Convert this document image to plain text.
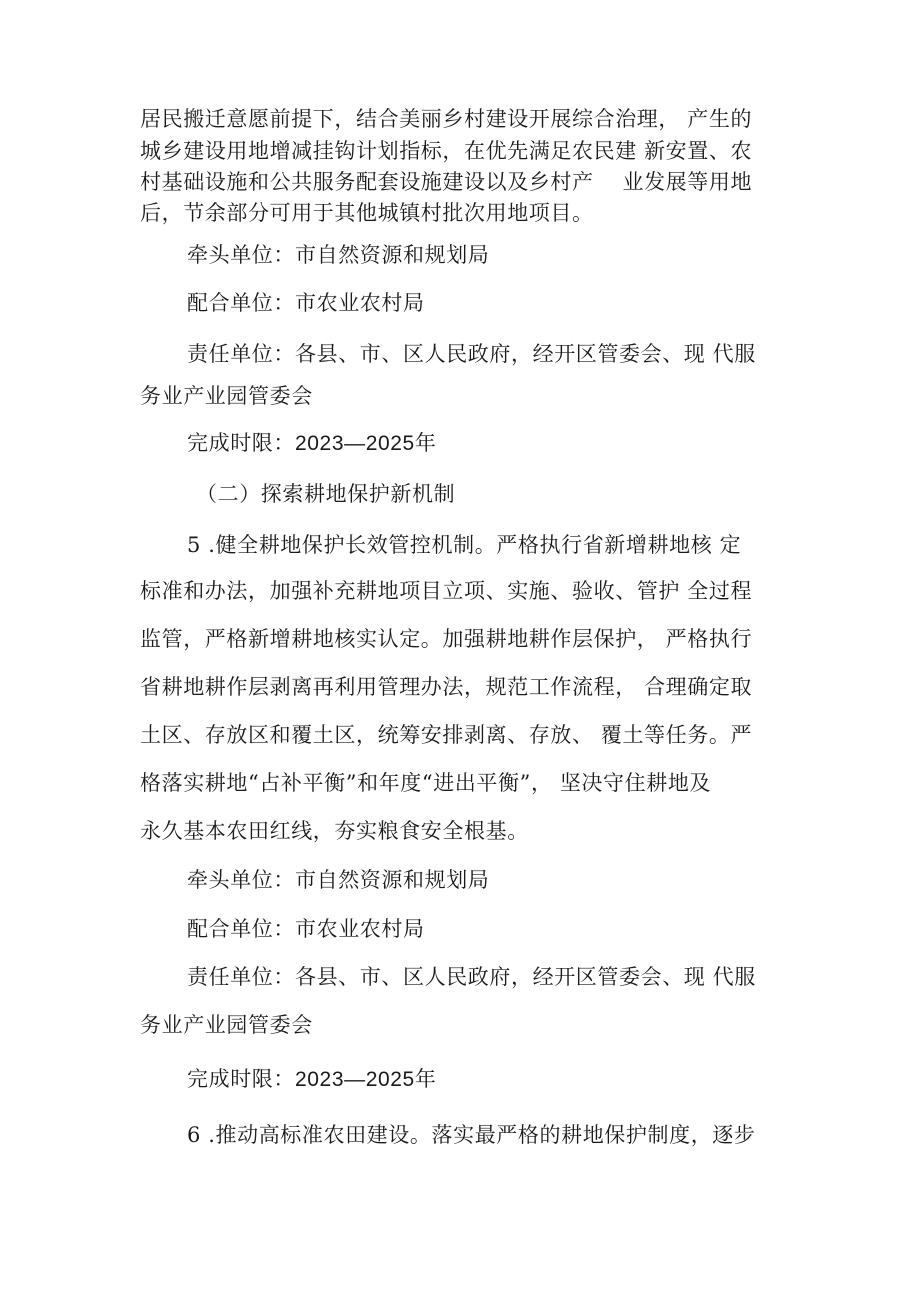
居民搬迁意愿前提下，结合美丽乡村建设开展综合治理， 产生的
城乡建设用地增减挂钩计划指标，在优先满足农民建 新安置、农
村基础设施和公共服务配套设施建设以及乡村产　 业发展等用地
后，节余部分可用于其他城镇村批次用地项目。
牵头单位：市自然资源和规划局
配合单位：市农业农村局
责任单位：各县、市、区人民政府，经开区管委会、现 代服
务业产业园管委会
完成时限：2023—2025年
（二）探索耕地保护新机制
5 .健全耕地保护长效管控机制。严格执行省新增耕地核 定
标准和办法，加强补充耕地项目立项、实施、验收、管护 全过程
监管，严格新增耕地核实认定。加强耕地耕作层保护， 严格执行
省耕地耕作层剥离再利用管理办法，规范工作流程， 合理确定取
土区、存放区和覆土区，统筹安排剥离、存放、 覆土等任务。严
格落实耕地“占补平衡”和年度“进出平衡”， 坚决守住耕地及
永久基本农田红线，夯实粮食安全根基。
牵头单位：市自然资源和规划局
配合单位：市农业农村局
责任单位：各县、市、区人民政府，经开区管委会、现 代服
务业产业园管委会
完成时限：2023—2025年
6 .推动高标准农田建设。落实最严格的耕地保护制度，逐步
